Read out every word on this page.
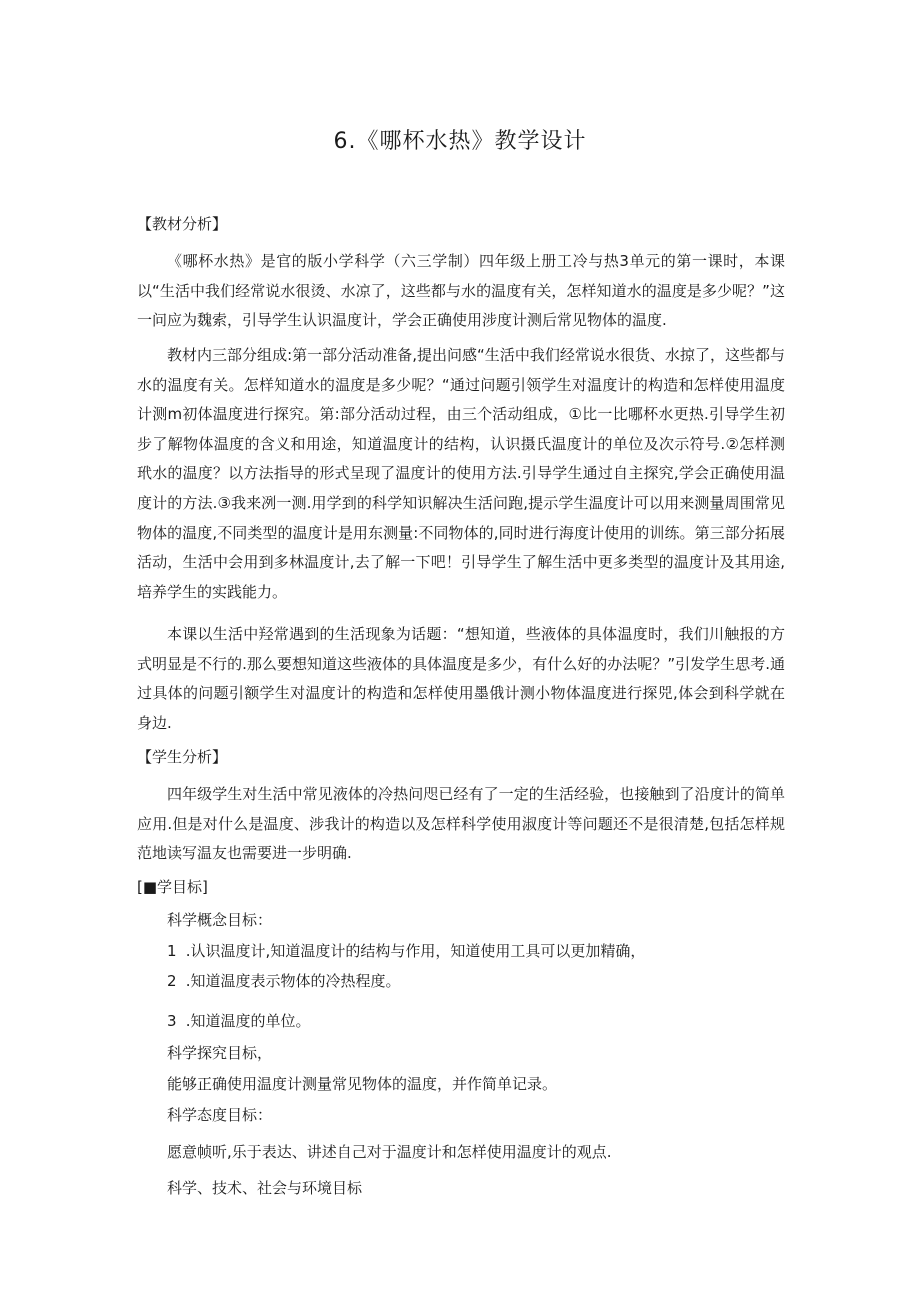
6.《哪杯水热》教学设计
【教材分析】
《哪杯水热》是官的版小学科学（六三学制）四年级上册工冷与热3单元的第一课时，本课以“生活中我们经常说水很烫、水凉了，这些都与水的温度有关，怎样知道水的温度是多少呢？”这一问应为魏索，引导学生认识温度计，学会正确使用涉度计测后常见物体的温度.
教材内三部分组成:第一部分活动准备,提出问感“生活中我们经常说水很货、水掠了，这些都与水的温度有关。怎样知道水的温度是多少呢？“通过问题引领学生对温度计的构造和怎样使用温度计测m初体温度进行探究。第:部分活动过程，由三个活动组成，①比一比哪杯水更热.引导学生初步了解物体温度的含义和用途，知道温度计的结构，认识摄氏温度计的单位及次示符号.②怎样测玳水的温度？以方法指导的形式呈现了温度计的使用方法.引导学生通过自主探究,学会正确使用温度计的方法.③我来冽一测.用学到的科学知识解决生活问跑,提示学生温度计可以用来测量周围常见物体的温度,不同类型的温度计是用东测量:不同物体的,同时进行海度计使用的训练。第三部分拓展活动，生活中会用到多林温度计,去了解一下吧！引导学生了解生活中更多类型的温度计及其用途,培养学生的实践能力。
本课以生活中羟常遇到的生活现象为话题：“想知道，些液体的具体温度时，我们川触报的方式明显是不行的.那么要想知道这些液体的具体温度是多少，有什么好的办法呢？”引发学生思考.通过具体的问题引额学生对温度计的构造和怎样使用墨俄计测小物体温度进行探兕,体会到科学就在身边.
【学生分析】
四年级学生对生活中常见液体的冷热问咫已经有了一定的生活经验，也接触到了沿度计的简单应用.但是对什么是温度、涉我计的构造以及怎样科学使用淑度计等问题还不是很清楚,包括怎样规范地读写温友也需要进一步明确.
[■学目标]
科学概念目标：
1 .认识温度计,知道温度计的结构与作用，知道使用工具可以更加精确，
2 .知道温度表示物体的冷热程度。
3 .知道温度的单位。
科学探究目标，
能够正确使用温度计测量常见物体的温度，并作简单记录。
科学态度目标：
愿意帧听,乐于表达、讲述自己对于温度计和怎样使用温度计的观点.
科学、技术、社会与环境目标
